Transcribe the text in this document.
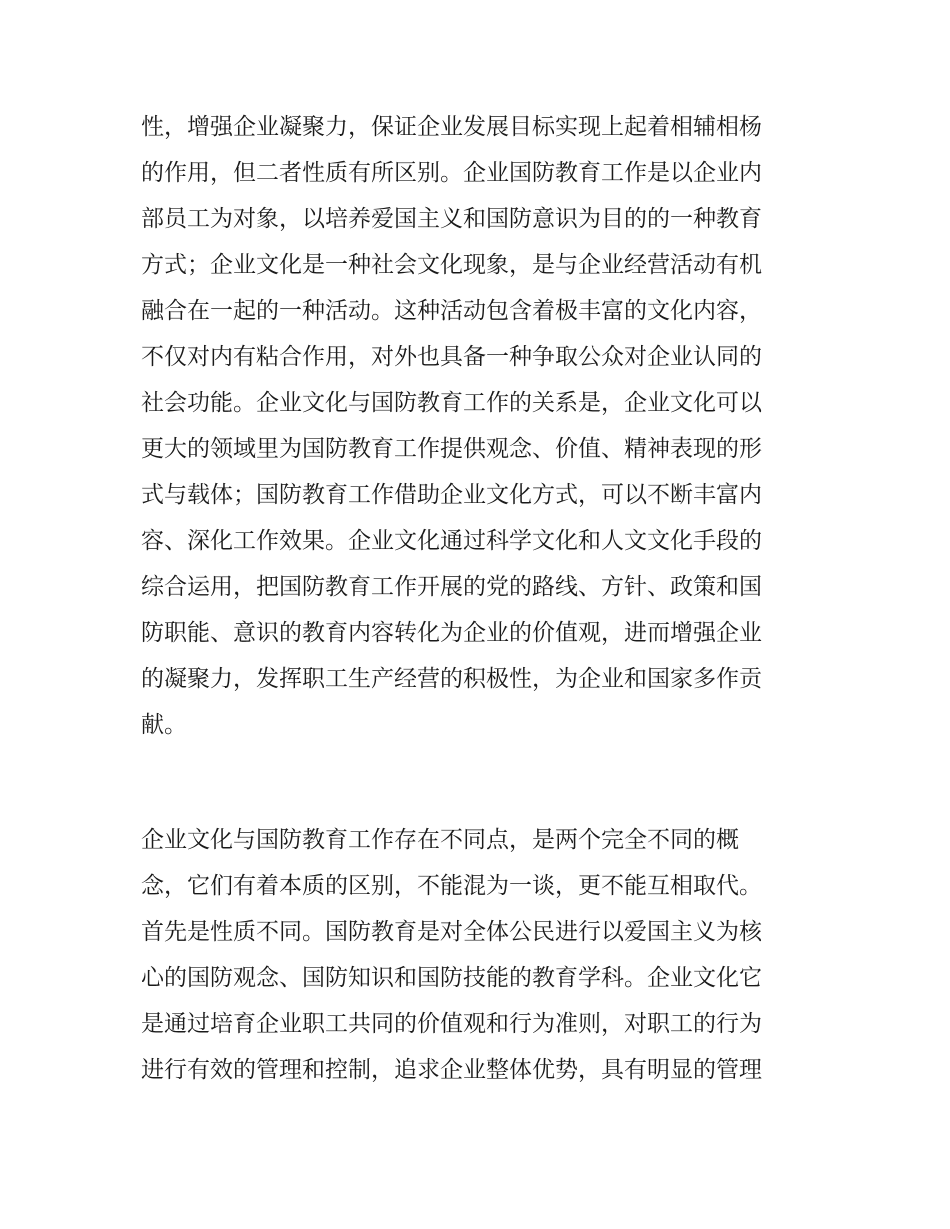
性，增强企业凝聚力，保证企业发展目标实现上起着相辅相杨
的作用，但二者性质有所区别。企业国防教育工作是以企业内
部员工为对象，以培养爱国主义和国防意识为目的的一种教育
方式；企业文化是一种社会文化现象，是与企业经营活动有机
融合在一起的一种活动。这种活动包含着极丰富的文化内容，
不仅对内有粘合作用，对外也具备一种争取公众对企业认同的
社会功能。企业文化与国防教育工作的关系是，企业文化可以
更大的领域里为国防教育工作提供观念、价值、精神表现的形
式与载体；国防教育工作借助企业文化方式，可以不断丰富内
容、深化工作效果。企业文化通过科学文化和人文文化手段的
综合运用，把国防教育工作开展的党的路线、方针、政策和国
防职能、意识的教育内容转化为企业的价值观，进而增强企业
的凝聚力，发挥职工生产经营的积极性，为企业和国家多作贡
献。
企业文化与国防教育工作存在不同点，是两个完全不同的概
念，它们有着本质的区别，不能混为一谈，更不能互相取代。
首先是性质不同。国防教育是对全体公民进行以爱国主义为核
心的国防观念、国防知识和国防技能的教育学科。企业文化它
是通过培育企业职工共同的价值观和行为准则，对职工的行为
进行有效的管理和控制，追求企业整体优势，具有明显的管理
